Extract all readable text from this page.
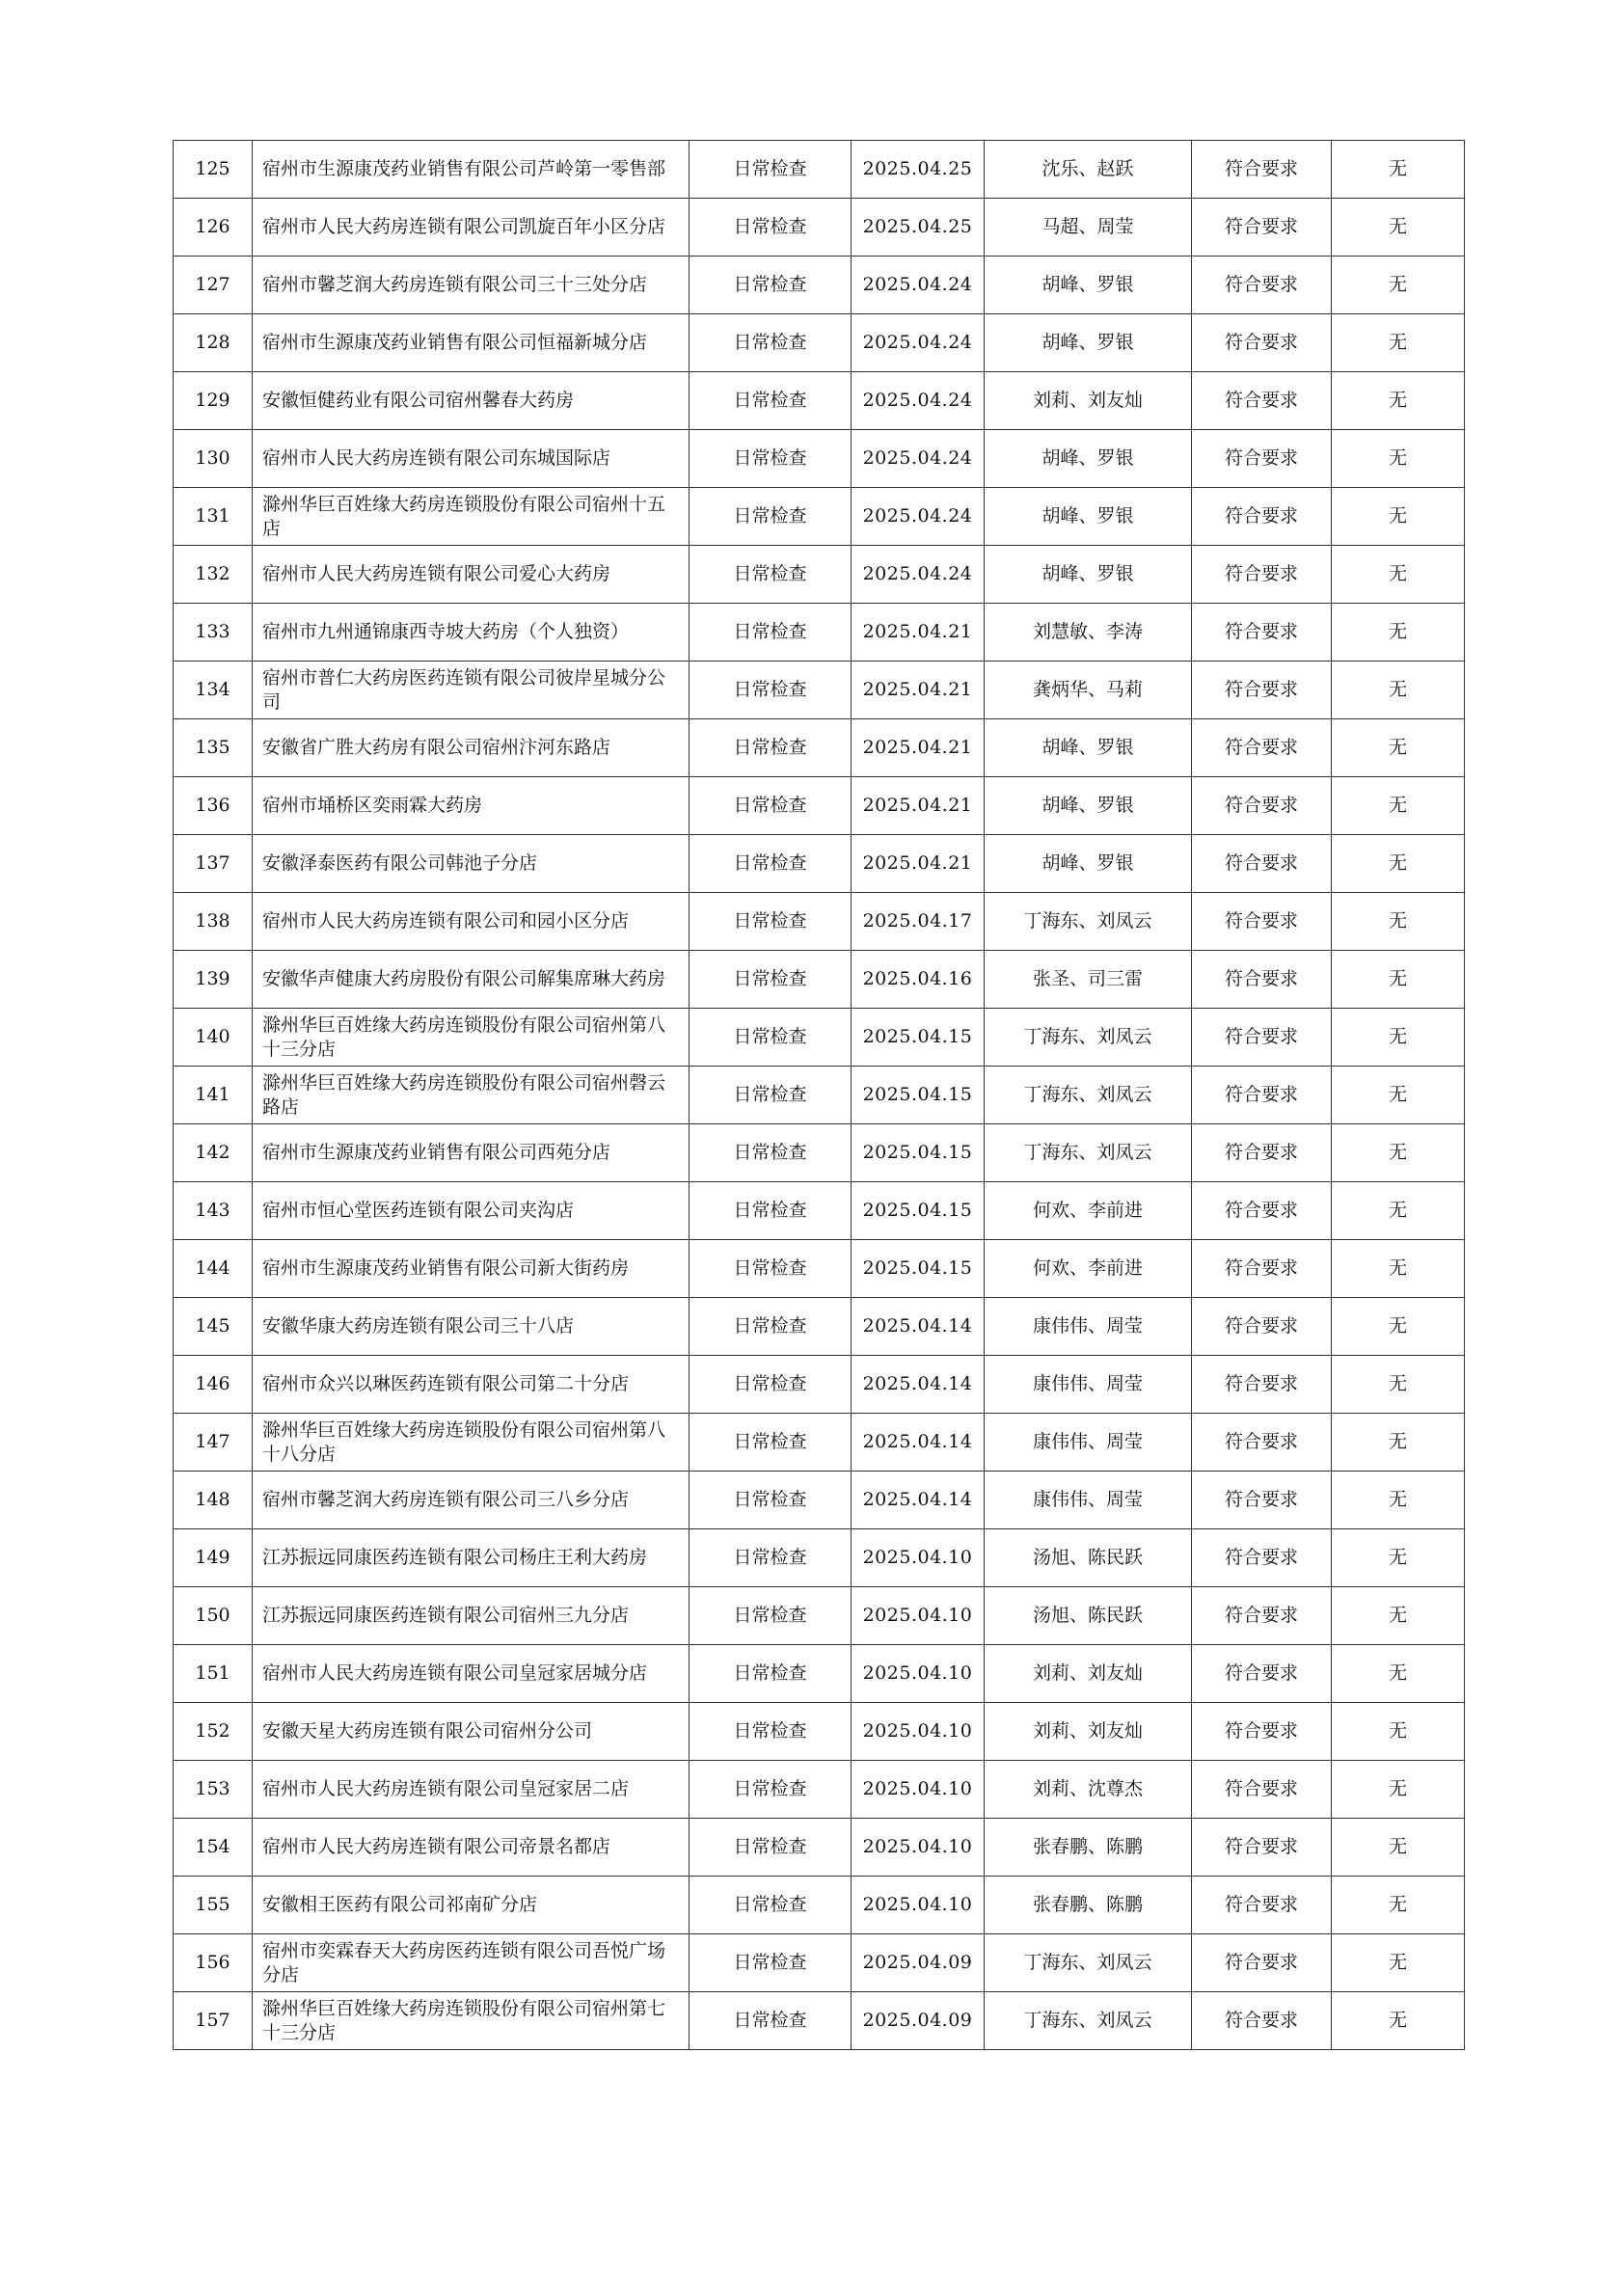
125	宿州市生源康茂药业销售有限公司芦岭第一零售部	日常检查	2025.04.25	沈乐、赵跃	符合要求	无
126	宿州市人民大药房连锁有限公司凯旋百年小区分店	日常检查	2025.04.25	马超、周莹	符合要求	无
127	宿州市馨芝润大药房连锁有限公司三十三处分店	日常检查	2025.04.24	胡峰、罗银	符合要求	无
128	宿州市生源康茂药业销售有限公司恒福新城分店	日常检查	2025.04.24	胡峰、罗银	符合要求	无
129	安徽恒健药业有限公司宿州馨春大药房	日常检查	2025.04.24	刘莉、刘友灿	符合要求	无
130	宿州市人民大药房连锁有限公司东城国际店	日常检查	2025.04.24	胡峰、罗银	符合要求	无
131	滁州华巨百姓缘大药房连锁股份有限公司宿州十五店	日常检查	2025.04.24	胡峰、罗银	符合要求	无
132	宿州市人民大药房连锁有限公司爱心大药房	日常检查	2025.04.24	胡峰、罗银	符合要求	无
133	宿州市九州通锦康西寺坡大药房（个人独资）	日常检查	2025.04.21	刘慧敏、李涛	符合要求	无
134	宿州市普仁大药房医药连锁有限公司彼岸星城分公司	日常检查	2025.04.21	龚炳华、马莉	符合要求	无
135	安徽省广胜大药房有限公司宿州汴河东路店	日常检查	2025.04.21	胡峰、罗银	符合要求	无
136	宿州市埇桥区奕雨霖大药房	日常检查	2025.04.21	胡峰、罗银	符合要求	无
137	安徽泽泰医药有限公司韩池子分店	日常检查	2025.04.21	胡峰、罗银	符合要求	无
138	宿州市人民大药房连锁有限公司和园小区分店	日常检查	2025.04.17	丁海东、刘凤云	符合要求	无
139	安徽华声健康大药房股份有限公司解集席琳大药房	日常检查	2025.04.16	张圣、司三雷	符合要求	无
140	滁州华巨百姓缘大药房连锁股份有限公司宿州第八十三分店	日常检查	2025.04.15	丁海东、刘凤云	符合要求	无
141	滁州华巨百姓缘大药房连锁股份有限公司宿州磬云路店	日常检查	2025.04.15	丁海东、刘凤云	符合要求	无
142	宿州市生源康茂药业销售有限公司西苑分店	日常检查	2025.04.15	丁海东、刘凤云	符合要求	无
143	宿州市恒心堂医药连锁有限公司夹沟店	日常检查	2025.04.15	何欢、李前进	符合要求	无
144	宿州市生源康茂药业销售有限公司新大街药房	日常检查	2025.04.15	何欢、李前进	符合要求	无
145	安徽华康大药房连锁有限公司三十八店	日常检查	2025.04.14	康伟伟、周莹	符合要求	无
146	宿州市众兴以琳医药连锁有限公司第二十分店	日常检查	2025.04.14	康伟伟、周莹	符合要求	无
147	滁州华巨百姓缘大药房连锁股份有限公司宿州第八十八分店	日常检查	2025.04.14	康伟伟、周莹	符合要求	无
148	宿州市馨芝润大药房连锁有限公司三八乡分店	日常检查	2025.04.14	康伟伟、周莹	符合要求	无
149	江苏振远同康医药连锁有限公司杨庄王利大药房	日常检查	2025.04.10	汤旭、陈民跃	符合要求	无
150	江苏振远同康医药连锁有限公司宿州三九分店	日常检查	2025.04.10	汤旭、陈民跃	符合要求	无
151	宿州市人民大药房连锁有限公司皇冠家居城分店	日常检查	2025.04.10	刘莉、刘友灿	符合要求	无
152	安徽天星大药房连锁有限公司宿州分公司	日常检查	2025.04.10	刘莉、刘友灿	符合要求	无
153	宿州市人民大药房连锁有限公司皇冠家居二店	日常检查	2025.04.10	刘莉、沈尊杰	符合要求	无
154	宿州市人民大药房连锁有限公司帝景名都店	日常检查	2025.04.10	张春鹏、陈鹏	符合要求	无
155	安徽相王医药有限公司祁南矿分店	日常检查	2025.04.10	张春鹏、陈鹏	符合要求	无
156	宿州市奕霖春天大药房医药连锁有限公司吾悦广场分店	日常检查	2025.04.09	丁海东、刘凤云	符合要求	无
157	滁州华巨百姓缘大药房连锁股份有限公司宿州第七十三分店	日常检查	2025.04.09	丁海东、刘凤云	符合要求	无
